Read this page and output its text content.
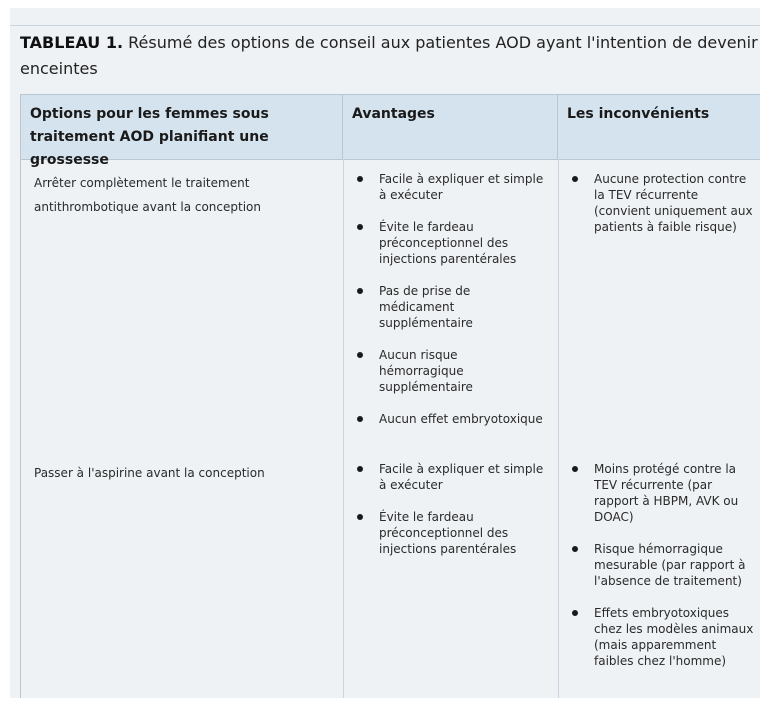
TABLEAU 1. Résumé des options de conseil aux patientes AOD ayant l'intention de devenir enceintes
Options pour les femmes sous traitement AOD planifiant une grossesse
Avantages	Les inconvénients
Arrêter complètement le traitement antithrombotique avant la conception
Facile à expliquer et simple à exécuter
Évite le fardeau préconceptionnel des injections parentérales
Pas de prise de médicament supplémentaire
Aucun risque hémorragique supplémentaire
Aucun effet embryotoxique
Aucune protection contre la TEV récurrente (convient uniquement aux patients à faible risque)
Passer à l'aspirine avant la conception	Facile à expliquer et simple à exécuter
Évite le fardeau préconceptionnel des injections parentérales
Moins protégé contre la TEV récurrente (par rapport à HBPM, AVK ou DOAC)
Risque hémorragique mesurable (par rapport à l'absence de traitement)
Effets embryotoxiques chez les modèles animaux (mais apparemment faibles chez l'homme)
